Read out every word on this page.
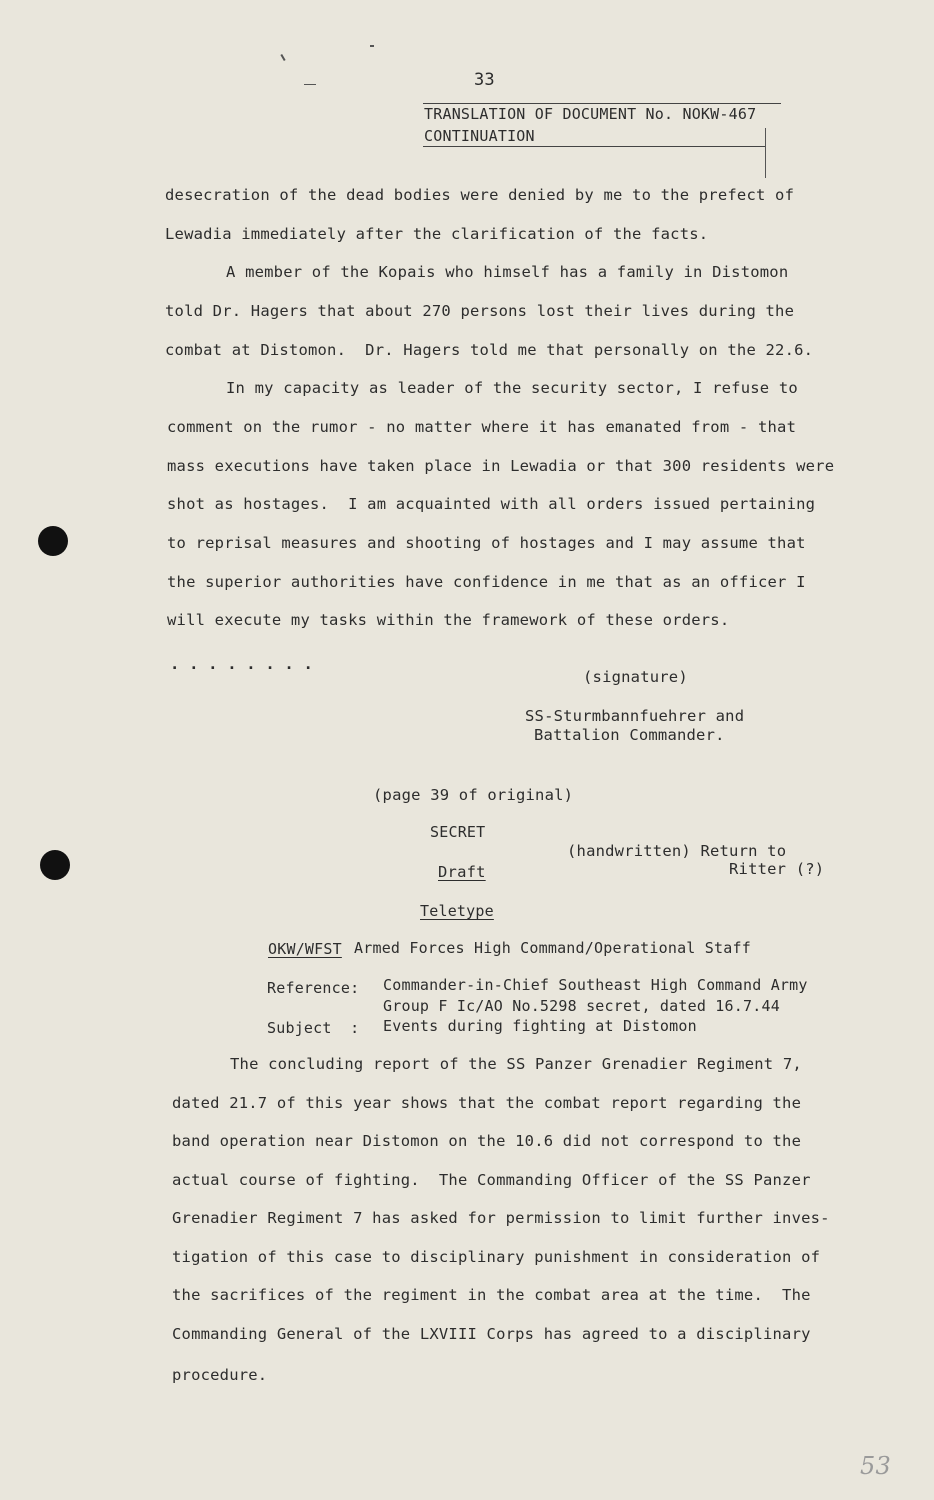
33
TRANSLATION OF DOCUMENT No. NOKW-467
CONTINUATION
desecration of the dead bodies were denied by me to the prefect of
Lewadia immediately after the clarification of the facts.
A member of the Kopais who himself has a family in Distomon
told Dr. Hagers that about 270 persons lost their lives during the
combat at Distomon.  Dr. Hagers told me that personally on the 22.6.
In my capacity as leader of the security sector, I refuse to
comment on the rumor - no matter where it has emanated from - that
mass executions have taken place in Lewadia or that 300 residents were
shot as hostages.  I am acquainted with all orders issued pertaining
to reprisal measures and shooting of hostages and I may assume that
the superior authorities have confidence in me that as an officer I
will execute my tasks within the framework of these orders.
. . . . . . . .
(signature)
SS-Sturmbannfuehrer and
Battalion Commander.
(page 39 of original)
SECRET
(handwritten) Return to
Ritter (?)
Draft
Teletype
OKW/WFST Armed Forces High Command/Operational Staff
Reference: Commander-in-Chief Southeast High Command Army
Group F Ic/AO No.5298 secret, dated 16.7.44
Subject  : Events during fighting at Distomon
The concluding report of the SS Panzer Grenadier Regiment 7,
dated 21.7 of this year shows that the combat report regarding the
band operation near Distomon on the 10.6 did not correspond to the
actual course of fighting.  The Commanding Officer of the SS Panzer
Grenadier Regiment 7 has asked for permission to limit further inves-
tigation of this case to disciplinary punishment in consideration of
the sacrifices of the regiment in the combat area at the time.  The
Commanding General of the LXVIII Corps has agreed to a disciplinary
procedure.
53
